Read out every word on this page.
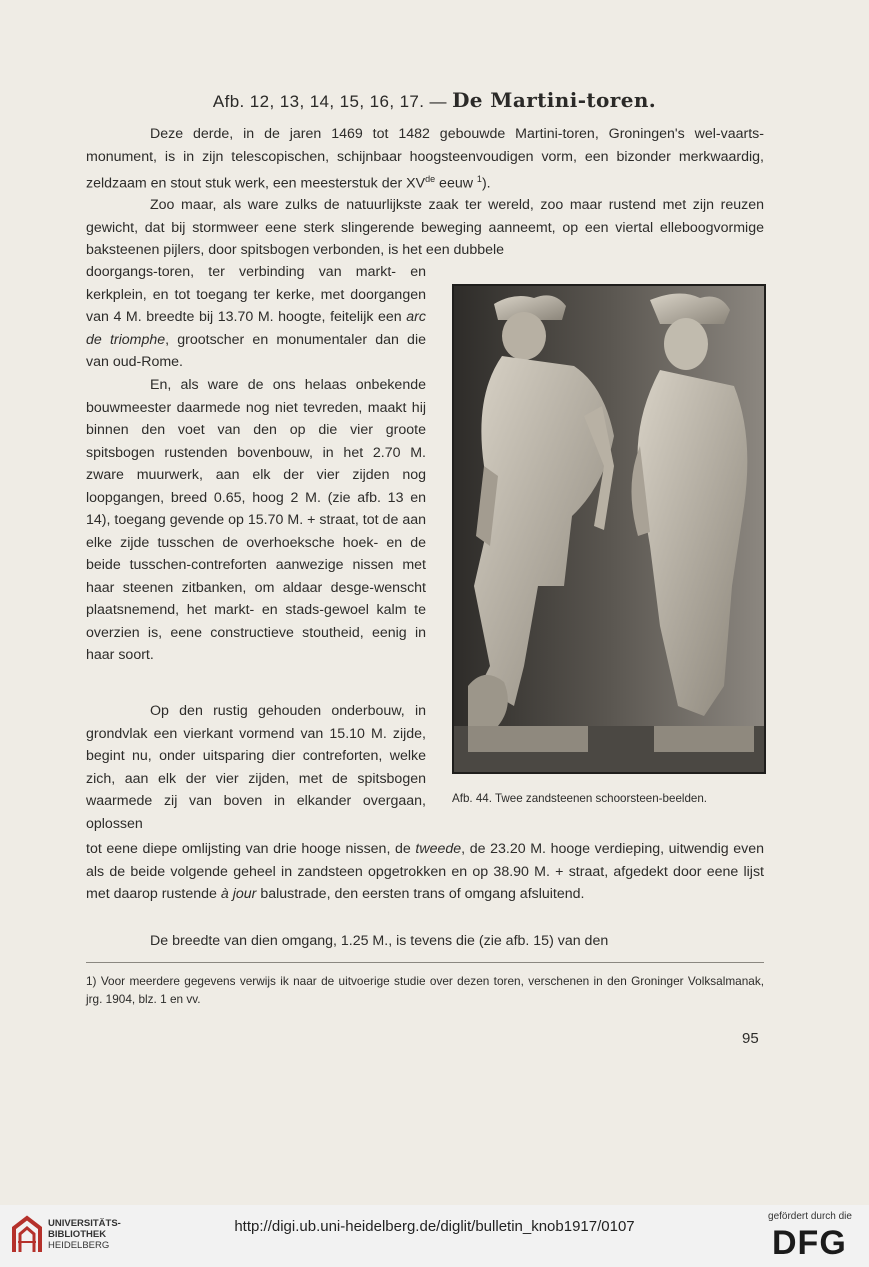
Afb. 12, 13, 14, 15, 16, 17. — De Martini-toren.

Deze derde, in de jaren 1469 tot 1482 gebouwde Martini-toren, Groningen's wel-vaarts-monument, is in zijn telescopischen, schijnbaar hoogsteenvoudigen vorm, een bizonder merkwaardig, zeldzaam en stout stuk werk, een meesterstuk der XVde eeuw $^1$).

Zoo maar, als ware zulks de natuurlijkste zaak ter wereld, zoo maar rustend met zijn reuzen gewicht, dat bij stormweer eene sterk slingerende beweging aanneemt, op een viertal elleboogvormige baksteenen pijlers, door spitsbogen verbonden, is het een dubbele

doorgangs-toren, ter verbinding van markt- en kerkplein, en tot toegang ter kerke, met doorgangen van 4 M. breedte bij 13.70 M. hoogte, feitelijk een arc de triomphe, grootscher en monumentaler dan die van oud-Rome.

En, als ware de ons helaas onbekende bouwmeester daarmede nog niet tevreden, maakt hij binnen den voet van den op die vier groote spitsbogen rustenden bovenbouw, in het 2.70 M. zware muurwerk, aan elk der vier zijden nog loopgangen, breed 0.65, hoog 2 M. (zie afb. 13 en 14), toegang gevende op 15.70 M. + straat, tot de aan elke zijde tusschen de overhoeksche hoek- en de beide tusschen-contreforten aanwezige nissen met haar steenen zitbanken, om aldaar desge-wenscht plaatsnemend, het markt- en stads-gewoel kalm te overzien is, eene constructieve stoutheid, eenig in haar soort.

Op den rustig gehouden onderbouw, in grondvlak een vierkant vormend van 15.10 M. zijde, begint nu, onder uitsparing dier contreforten, welke zich, aan elk der vier zijden, met de spitsbogen waarmede zij van boven in elkander overgaan, oplossen

tot eene diepe omlijsting van drie hooge nissen, de tweede, de 23.20 M. hooge verdieping, uitwendig even als de beide volgende geheel in zandsteen opgetrokken en op 38.90 M. + straat, afgedekt door eene lijst met daarop rustende à jour balustrade, den eersten trans of omgang afsluitend.

De breedte van dien omgang, 1.25 M., is tevens die (zie afb. 15) van den

Afb. 44. Twee zandsteenen schoorsteen-beelden.

1) Voor meerdere gegevens verwijs ik naar de uitvoerige studie over dezen toren, verschenen in den Groninger Volksalmanak, jrg. 1904, blz. 1 en vv.

95
UNIVERSITÄTS-
BIBLIOTHEK
HEIDELBERG
http://digi.ub.uni-heidelberg.de/diglit/bulletin_knob1917/0107
gefördert durch die
DFG
